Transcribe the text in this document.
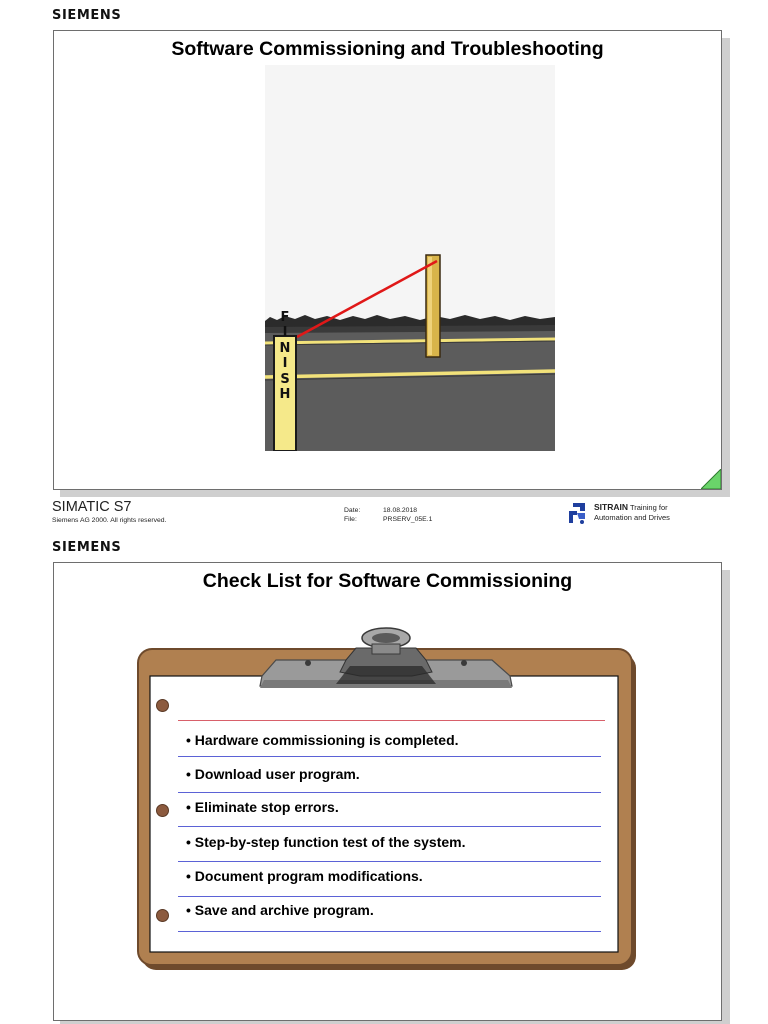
SIEMENS
Software Commissioning and Troubleshooting
F
I
N
I
S
H
SIMATIC S7
Siemens AG 2000. All rights reserved.
Date:	18.08.2018
File:	PRSERV_05E.1
SITRAIN Training for
Automation and Drives
SIEMENS
Check List for Software Commissioning
• Hardware commissioning is completed.
• Download user program.
• Eliminate stop errors.
• Step-by-step function test of the system.
• Document program modifications.
• Save and archive program.
